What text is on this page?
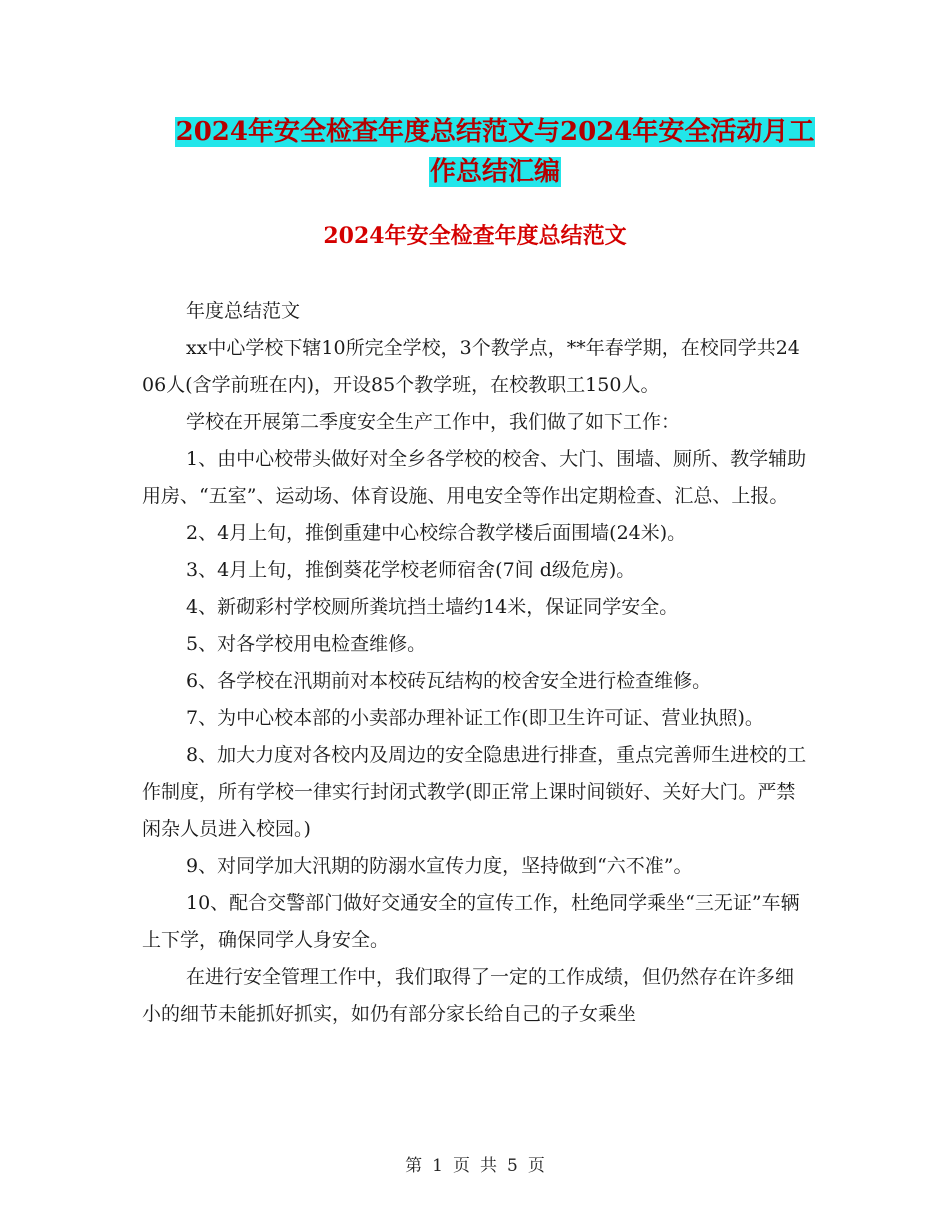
2024年安全检查年度总结范文与2024年安全活动月工
作总结汇编
2024年安全检查年度总结范文

年度总结范文

xx中心学校下辖10所完全学校，3个教学点，**年春学期，在校同学共2406人(含学前班在内)，开设85个教学班，在校教职工150人。

学校在开展第二季度安全生产工作中，我们做了如下工作：

1、由中心校带头做好对全乡各学校的校舍、大门、围墙、厕所、教学辅助用房、“五室”、运动场、体育设施、用电安全等作出定期检查、汇总、上报。

2、4月上旬，推倒重建中心校综合教学楼后面围墙(24米)。

3、4月上旬，推倒葵花学校老师宿舍(7间 d级危房)。

4、新砌彩村学校厕所粪坑挡土墙约14米，保证同学安全。

5、对各学校用电检查维修。

6、各学校在汛期前对本校砖瓦结构的校舍安全进行检查维修。

7、为中心校本部的小卖部办理补证工作(即卫生许可证、营业执照)。

8、加大力度对各校内及周边的安全隐患进行排查，重点完善师生进校的工作制度，所有学校一律实行封闭式教学(即正常上课时间锁好、关好大门。严禁闲杂人员进入校园。)

9、对同学加大汛期的防溺水宣传力度，坚持做到“六不准”。

10、配合交警部门做好交通安全的宣传工作，杜绝同学乘坐“三无证”车辆上下学，确保同学人身安全。

在进行安全管理工作中，我们取得了一定的工作成绩，但仍然存在许多细小的细节未能抓好抓实，如仍有部分家长给自己的子女乘坐

第 1 页 共 5 页
